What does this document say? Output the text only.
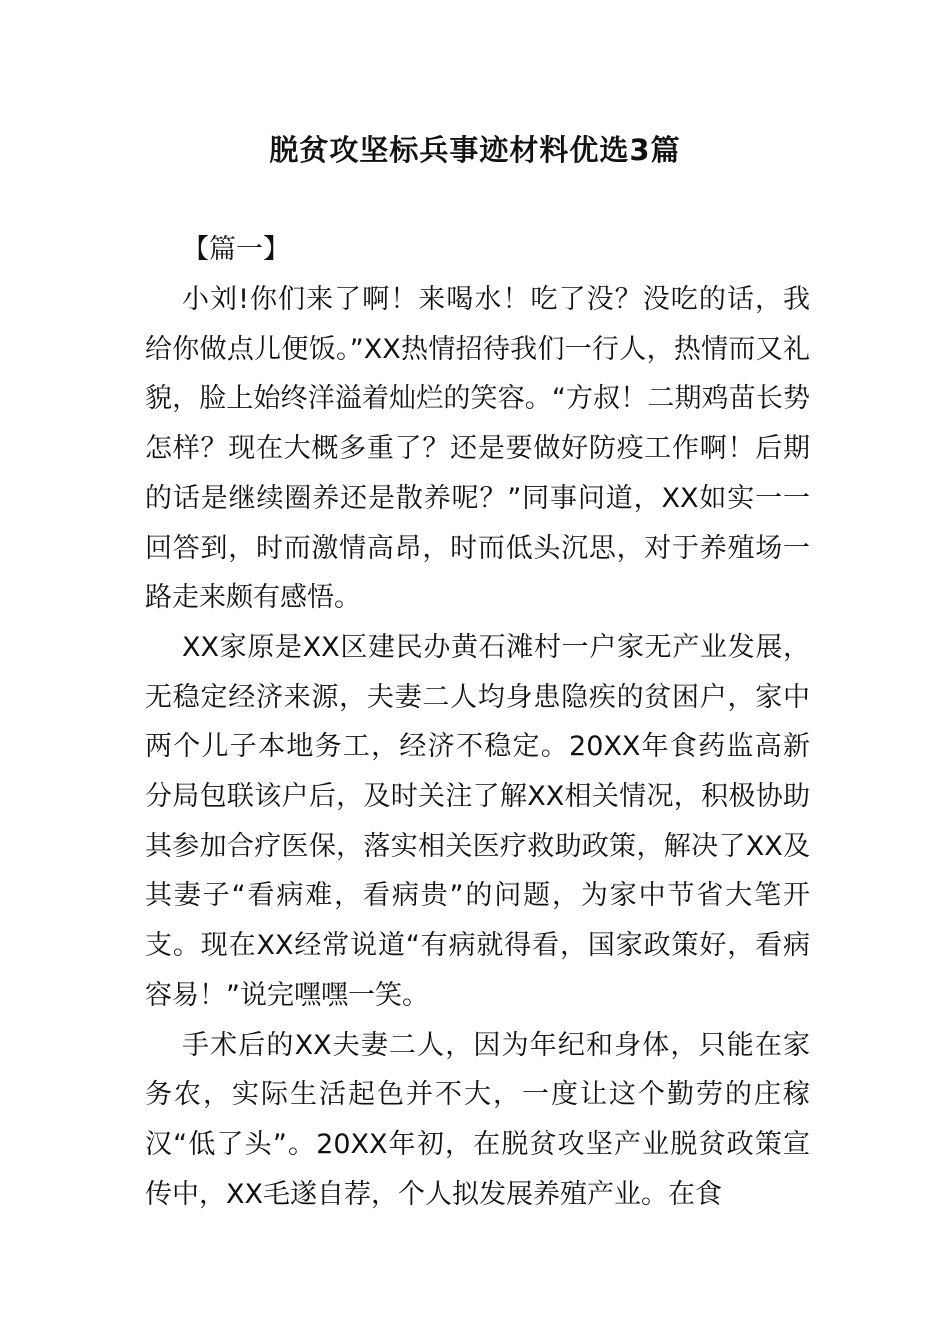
脱贫攻坚标兵事迹材料优选3篇

【篇一】

小刘!你们来了啊！来喝水！吃了没？没吃的话，我给你做点儿便饭。”XX热情招待我们一行人，热情而又礼貌，脸上始终洋溢着灿烂的笑容。“方叔！二期鸡苗长势怎样？现在大概多重了？还是要做好防疫工作啊！后期的话是继续圈养还是散养呢？”同事问道，XX如实一一回答到，时而激情高昂，时而低头沉思，对于养殖场一路走来颇有感悟。

XX家原是XX区建民办黄石滩村一户家无产业发展，无稳定经济来源，夫妻二人均身患隐疾的贫困户，家中两个儿子本地务工，经济不稳定。20XX年食药监高新分局包联该户后，及时关注了解XX相关情况，积极协助其参加合疗医保，落实相关医疗救助政策，解决了XX及其妻子“看病难，看病贵”的问题，为家中节省大笔开支。现在XX经常说道“有病就得看，国家政策好，看病容易！”说完嘿嘿一笑。

手术后的XX夫妻二人，因为年纪和身体，只能在家务农，实际生活起色并不大，一度让这个勤劳的庄稼汉“低了头”。20XX年初，在脱贫攻坚产业脱贫政策宣传中，XX毛遂自荐，个人拟发展养殖产业。在食
